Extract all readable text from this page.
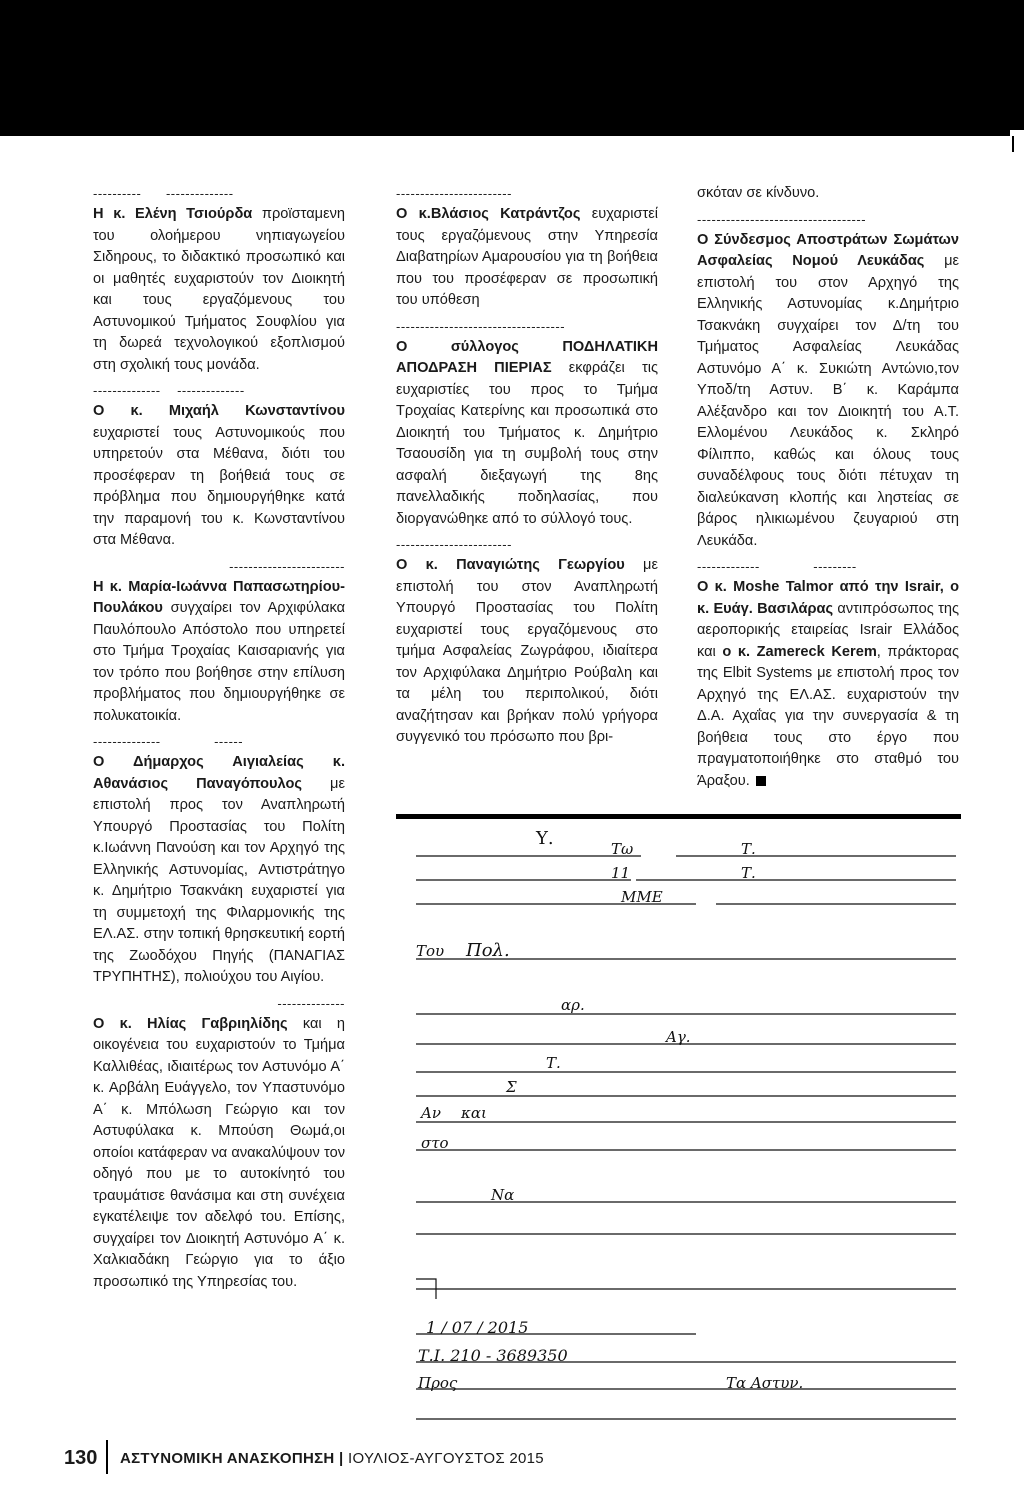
---------- --------------

Η κ. Ελένη Τσιούρδα προϊσταμενη του ολοήμερου νηπιαγωγείου Σιδηρους, το διδακτικό προσωπικό και οι μαθητές ευχαριστούν τον Διοικητή και τους εργαζόμενους του Αστυνομικού Τμήματος Σουφλίου για τη δωρεά τεχνολογικού εξοπλισμού στη σχολική τους μονάδα.

-------------- --------------

Ο κ. Μιχαήλ Κωνσταντίνου ευχαριστεί τους Αστυνομικούς που υπηρετούν στα Μέθανα, διότι του προσέφεραν τη βοήθειά τους σε πρόβλημα που δημιουργήθηκε κατά την παραμονή του κ. Κωνσταντίνου στα Μέθανα.

------------------------

Η κ. Μαρία-Ιωάννα Παπασωτηρίου-Πουλάκου συγχαίρει τον Αρχιφύλακα Παυλόπουλο Απόστολο που υπηρετεί στο Τμήμα Τροχαίας Καισαριανής για τον τρόπο που βοήθησε στην επίλυση προβλήματος που δημιουργήθηκε σε πολυκατοικία.

--------------	------

Ο Δήμαρχος Αιγιαλείας κ. Αθανάσιος Παναγόπουλος με επιστολή προς τον Αναπληρωτή Υπουργό Προστασίας του Πολίτη κ.Ιωάννη Πανούση και τον Αρχηγό της Ελληνικής Αστυνομίας, Αντιστράτηγο κ. Δημήτριο Τσακνάκη ευχαριστεί για τη συμμετοχή της Φιλαρμονικής της ΕΛ.ΑΣ. στην τοπική θρησκευτική εορτή της Ζωοδόχου Πηγής (ΠΑΝΑΓΙΑΣ ΤΡΥΠΗΤΗΣ), πολιούχου του Αιγίου.

--------------

Ο κ. Ηλίας Γαβριηλίδης και η οικογένεια του ευχαριστούν το Τμήμα Καλλιθέας, ιδιαιτέρως τον Αστυνόμο Α΄ κ. Αρβάλη Ευάγγελο, τον Υπαστυνόμο Α΄ κ. Μπόλωση Γεώργιο και τον Αστυφύλακα κ. Μπούση Θωμά,οι οποίοι κατάφεραν να ανακαλύψουν τον οδηγό που με το αυτοκίνητό του τραυμάτισε θανάσιμα και στη συνέχεια εγκατέλειψε τον αδελφό του. Επίσης, συγχαίρει τον Διοικητή Αστυνόμο Α΄ κ. Χαλκιαδάκη Γεώργιο για το άξιο προσωπικό της Υπηρεσίας του.

------------------------

Ο κ.Βλάσιος Κατράντζος ευχαριστεί τους εργαζόμενους στην Υπηρεσία Διαβατηρίων Αμαρουσίου για τη βοήθεια που του προσέφεραν σε προσωπική του υπόθεση

-----------------------------------

Ο σύλλογος ΠΟΔΗΛΑΤΙΚΗ ΑΠΟΔΡΑΣΗ ΠΙΕΡΙΑΣ εκφράζει τις ευχαριστίες του προς το Τμήμα Τροχαίας Κατερίνης και προσωπικά στο Διοικητή του Τμήματος κ. Δημήτριο Τσαουσίδη για τη συμβολή τους στην ασφαλή διεξαγωγή της 8ης πανελλαδικής ποδηλασίας, που διοργανώθηκε από το σύλλογό τους.

------------------------

Ο κ. Παναγιώτης Γεωργίου με επιστολή του στον Αναπληρωτή Υπουργό Προστασίας του Πολίτη ευχαριστεί τους εργαζόμενους στο τμήμα Ασφαλείας Ζωγράφου, ιδιαίτερα τον Αρχιφύλακα Δημήτριο Ρούβαλη και τα μέλη του περιπολικού, διότι αναζήτησαν και βρήκαν πολύ γρήγορα συγγενικό του πρόσωπο που βρι-

σκόταν σε κίνδυνο.

-----------------------------------

Ο Σύνδεσμος Αποστράτων Σωμάτων Ασφαλείας Νομού Λευκάδας με επιστολή του στον Αρχηγό της Ελληνικής Αστυνομίας κ.Δημήτριο Τσακνάκη συγχαίρει τον Δ/τη του Τμήματος Ασφαλείας Λευκάδας Αστυνόμο Α΄ κ. Συκιώτη Αντώνιο,τον Υποδ/τη Αστυν. Β΄ κ. Καράμπα Αλέξανδρο και τον Διοικητή του Α.Τ. Ελλομένου Λευκάδος κ. Σκληρό Φίλιππο, καθώς και όλους τους συναδέλφους τους διότι πέτυχαν τη διαλεύκανση κλοπής και ληστείας σε βάρος ηλικιωμένου ζευγαριού στη Λευκάδα.

-------------	---------

Ο κ. Moshe Talmor από την Israir, ο κ. Ευάγ. Βασιλάρας αντιπρόσωπος της αεροπορικής εταιρείας Israir Ελλάδος και ο κ. Zamereck Kerem, πράκτορας της Elbit Systems με επιστολή προς τον Αρχηγό της ΕΛ.ΑΣ. ευχαριστούν την Δ.Α. Αχαΐας για την συνεργασία & τη βοήθεια τους στο έργο που πραγματοποιήθηκε στο σταθμό του Άραξου.

Υ.	Τω	Τ.
11	Τ.
ΜΜΕ
Του Πολ.
αρ.
Αγ.
Τ.
Σ
Αν και
στο
Να
1 / 07 / 2015
Τ.Ι. 210 - 3689350
Προς	Τα Αστυν.
130 ΑΣΤΥΝΟΜΙΚΗ ΑΝΑΣΚΟΠΗΣΗ | ΙΟΥΛΙΟΣ-ΑΥΓΟΥΣΤΟΣ 2015
